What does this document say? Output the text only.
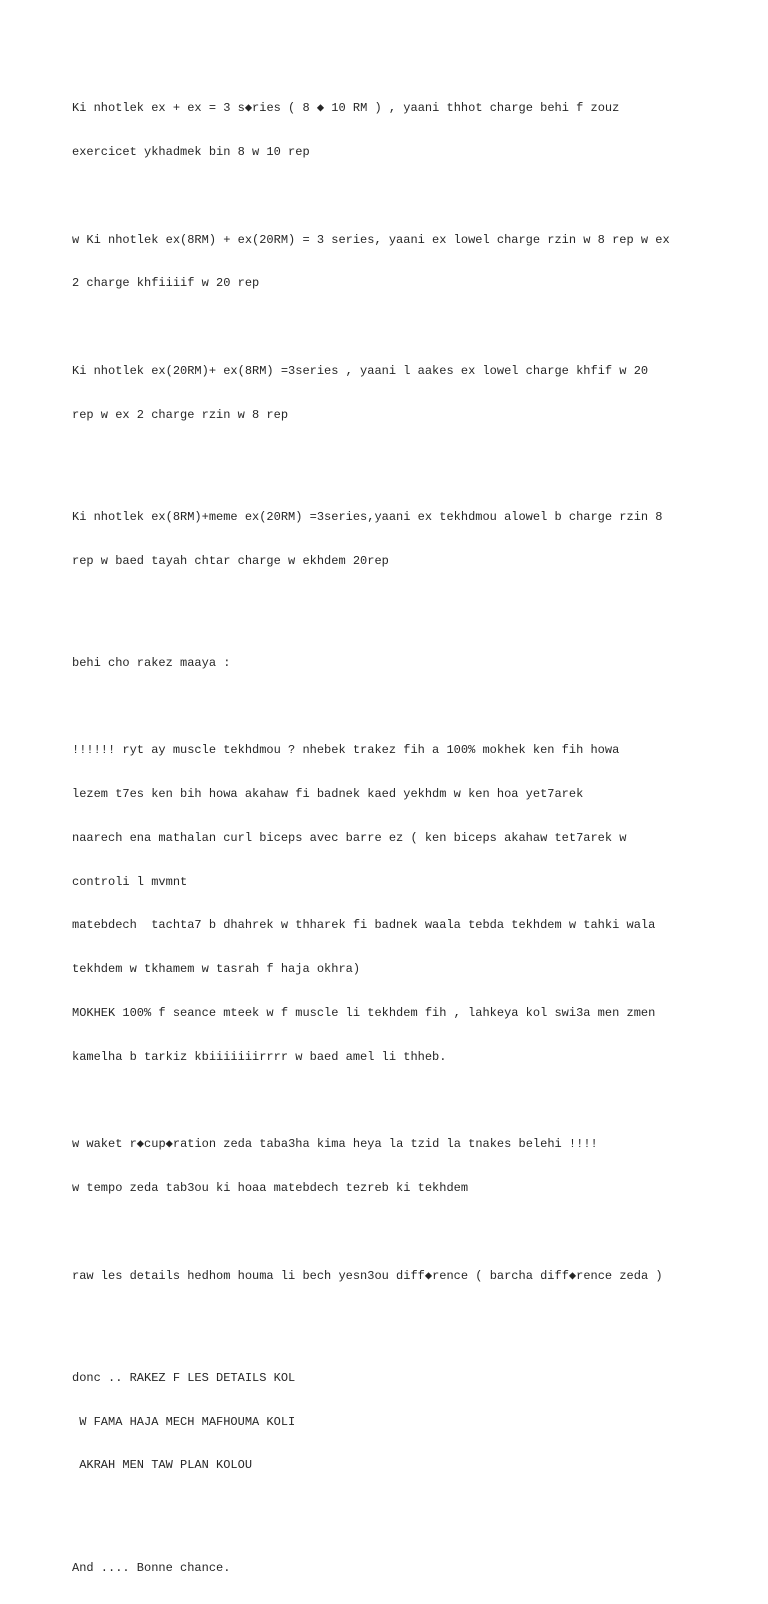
Ki nhotlek ex + ex = 3 s◆ries ( 8 ◆ 10 RM ) , yaani thhot charge behi f zouz

exercicet ykhadmek bin 8 w 10 rep

w Ki nhotlek ex(8RM) + ex(20RM) = 3 series, yaani ex lowel charge rzin w 8 rep w ex

2 charge khfiiiif w 20 rep

Ki nhotlek ex(20RM)+ ex(8RM) =3series , yaani l aakes ex lowel charge khfif w 20

rep w ex 2 charge rzin w 8 rep

Ki nhotlek ex(8RM)+meme ex(20RM) =3series,yaani ex tekhdmou alowel b charge rzin 8

rep w baed tayah chtar charge w ekhdem 20rep

behi cho rakez maaya :

!!!!!! ryt ay muscle tekhdmou ? nhebek trakez fih a 100% mokhek ken fih howa

lezem t7es ken bih howa akahaw fi badnek kaed yekhdm w ken hoa yet7arek

naarech ena mathalan curl biceps avec barre ez ( ken biceps akahaw tet7arek w

controli l mvmnt

matebdech  tachta7 b dhahrek w thharek fi badnek waala tebda tekhdem w tahki wala

tekhdem w tkhamem w tasrah f haja okhra)

MOKHEK 100% f seance mteek w f muscle li tekhdem fih , lahkeya kol swi3a men zmen

kamelha b tarkiz kbiiiiiiirrrr w baed amel li thheb.

w waket r◆cup◆ration zeda taba3ha kima heya la tzid la tnakes belehi !!!!

w tempo zeda tab3ou ki hoaa matebdech tezreb ki tekhdem

raw les details hedhom houma li bech yesn3ou diff◆rence ( barcha diff◆rence zeda )

donc .. RAKEZ F LES DETAILS KOL

W FAMA HAJA MECH MAFHOUMA KOLI

AKRAH MEN TAW PLAN KOLOU

And .... Bonne chance.
